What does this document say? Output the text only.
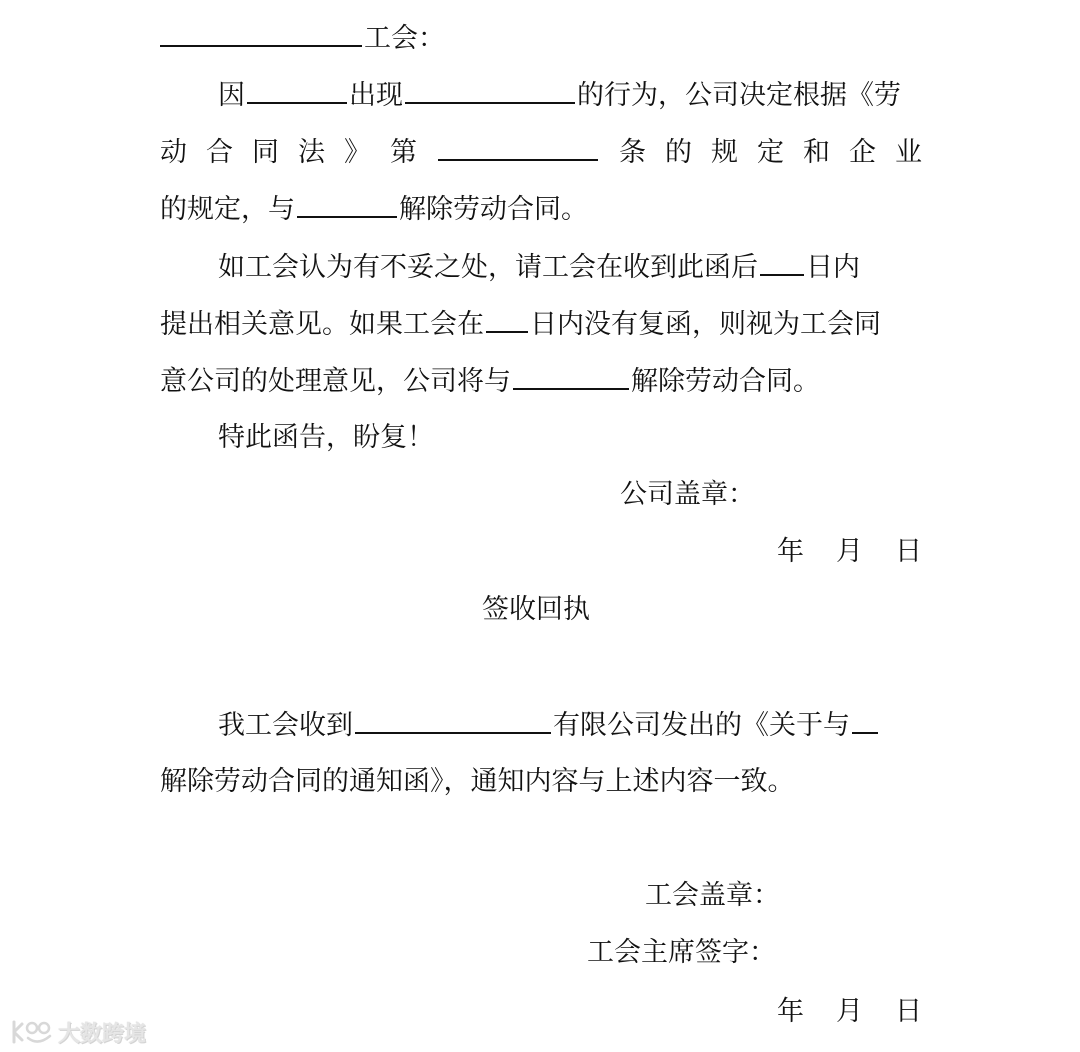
工会：
因	出现	的行为，公司决定根据《劳
动 合 同 法 》 第	条 的 规 定 和 企 业
的规定，与	解除劳动合同。
如工会认为有不妥之处，请工会在收到此函后 日内
提出相关意见。如果工会在 日内没有复函，则视为工会同
意公司的处理意见，公司将与	解除劳动合同。
特此函告，盼复！
公司盖章：
年 月 日
签收回执
我工会收到	有限公司发出的《关于与
解除劳动合同的通知函》，通知内容与上述内容一致。
工会盖章：
工会主席签字：
年 月 日
大数跨境
